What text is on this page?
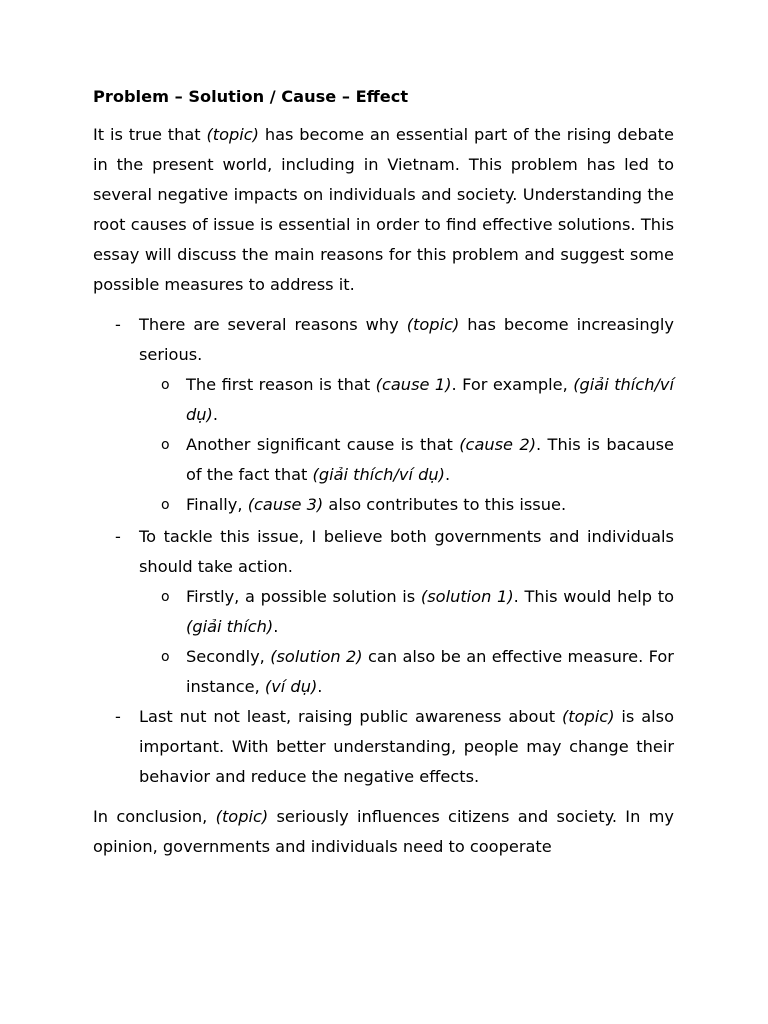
Problem – Solution / Cause – Effect

It is true that (topic) has become an essential part of the rising debate in the present world, including in Vietnam. This problem has led to several negative impacts on individuals and society. Understanding the root causes of issue is essential in order to find effective solutions. This essay will discuss the main reasons for this problem and suggest some possible measures to address it.

- There are several reasons why (topic) has become increasingly serious.
o The first reason is that (cause 1). For example, (giải thích/ví dụ).
o Another significant cause is that (cause 2). This is bacause of the fact that (giải thích/ví dụ).
o Finally, (cause 3) also contributes to this issue.
- To tackle this issue, I believe both governments and individuals should take action.
o Firstly, a possible solution is (solution 1). This would help to (giải thích).
o Secondly, (solution 2) can also be an effective measure. For instance, (ví dụ).
- Last nut not least, raising public awareness about (topic) is also important. With better understanding, people may change their behavior and reduce the negative effects.

In conclusion, (topic) seriously influences citizens and society. In my opinion, governments and individuals need to cooperate
